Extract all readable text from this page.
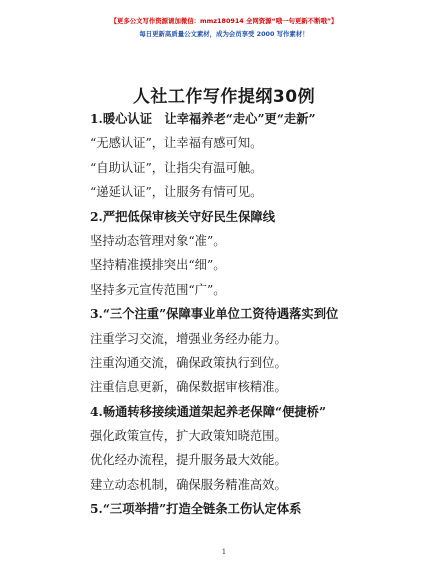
【更多公文写作资源请加微信：mmz180914 全网资源“哦一句更新不断哦”】
每日更新高质量公文素材，成为会员享受 2000 写作素材！
人社工作写作提纲30例
1.暖心认证　让幸福养老“走心”更“走新”
“无感认证”，让幸福有感可知。
“自助认证”，让指尖有温可触。
“递延认证”，让服务有情可见。
2.严把低保审核关守好民生保障线
坚持动态管理对象“准”。
坚持精准摸排突出“细”。
坚持多元宣传范围“广”。
3.“三个注重”保障事业单位工资待遇落实到位
注重学习交流，增强业务经办能力。
注重沟通交流，确保政策执行到位。
注重信息更新，确保数据审核精准。
4.畅通转移接续通道架起养老保障“便捷桥”
强化政策宣传，扩大政策知晓范围。
优化经办流程，提升服务最大效能。
建立动态机制，确保服务精准高效。
5.“三项举措”打造全链条工伤认定体系
1
